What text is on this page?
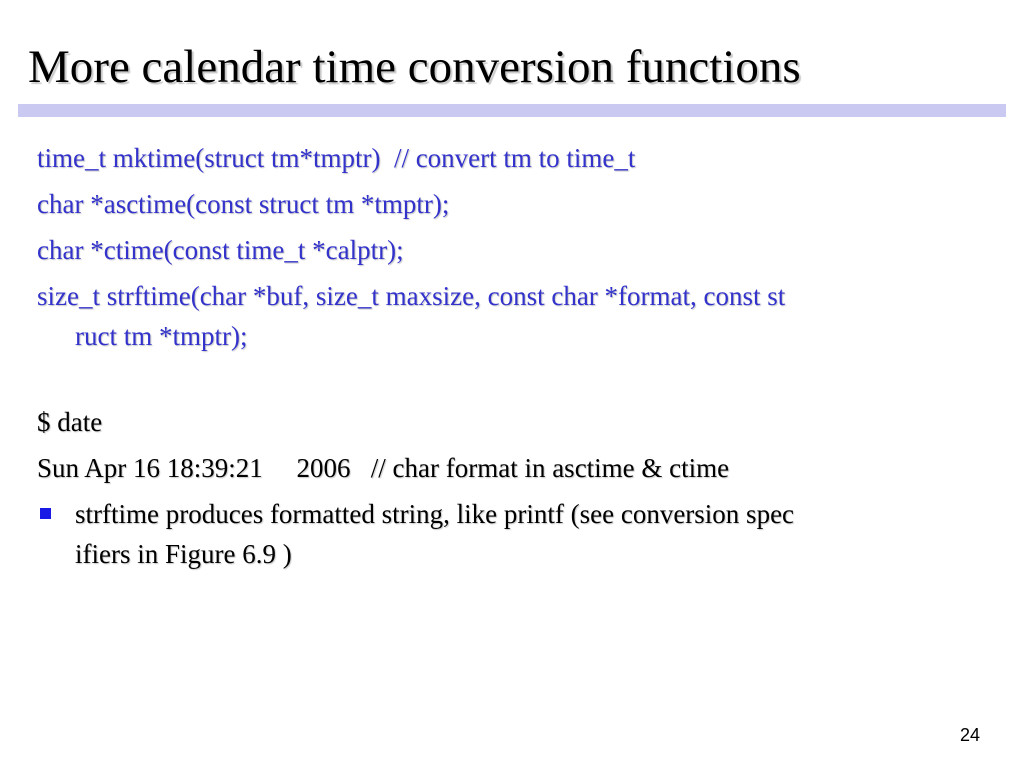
More calendar time conversion functions
time_t mktime(struct tm*tmptr)  // convert tm to time_t
char *asctime(const struct tm *tmptr);
char *ctime(const time_t *calptr);
size_t strftime(char *buf, size_t maxsize, const char *format, const st
ruct tm *tmptr);
$ date
Sun Apr 16 18:39:21     2006   // char format in asctime & ctime
strftime produces formatted string, like printf (see conversion spec
ifiers in Figure 6.9 )
24
